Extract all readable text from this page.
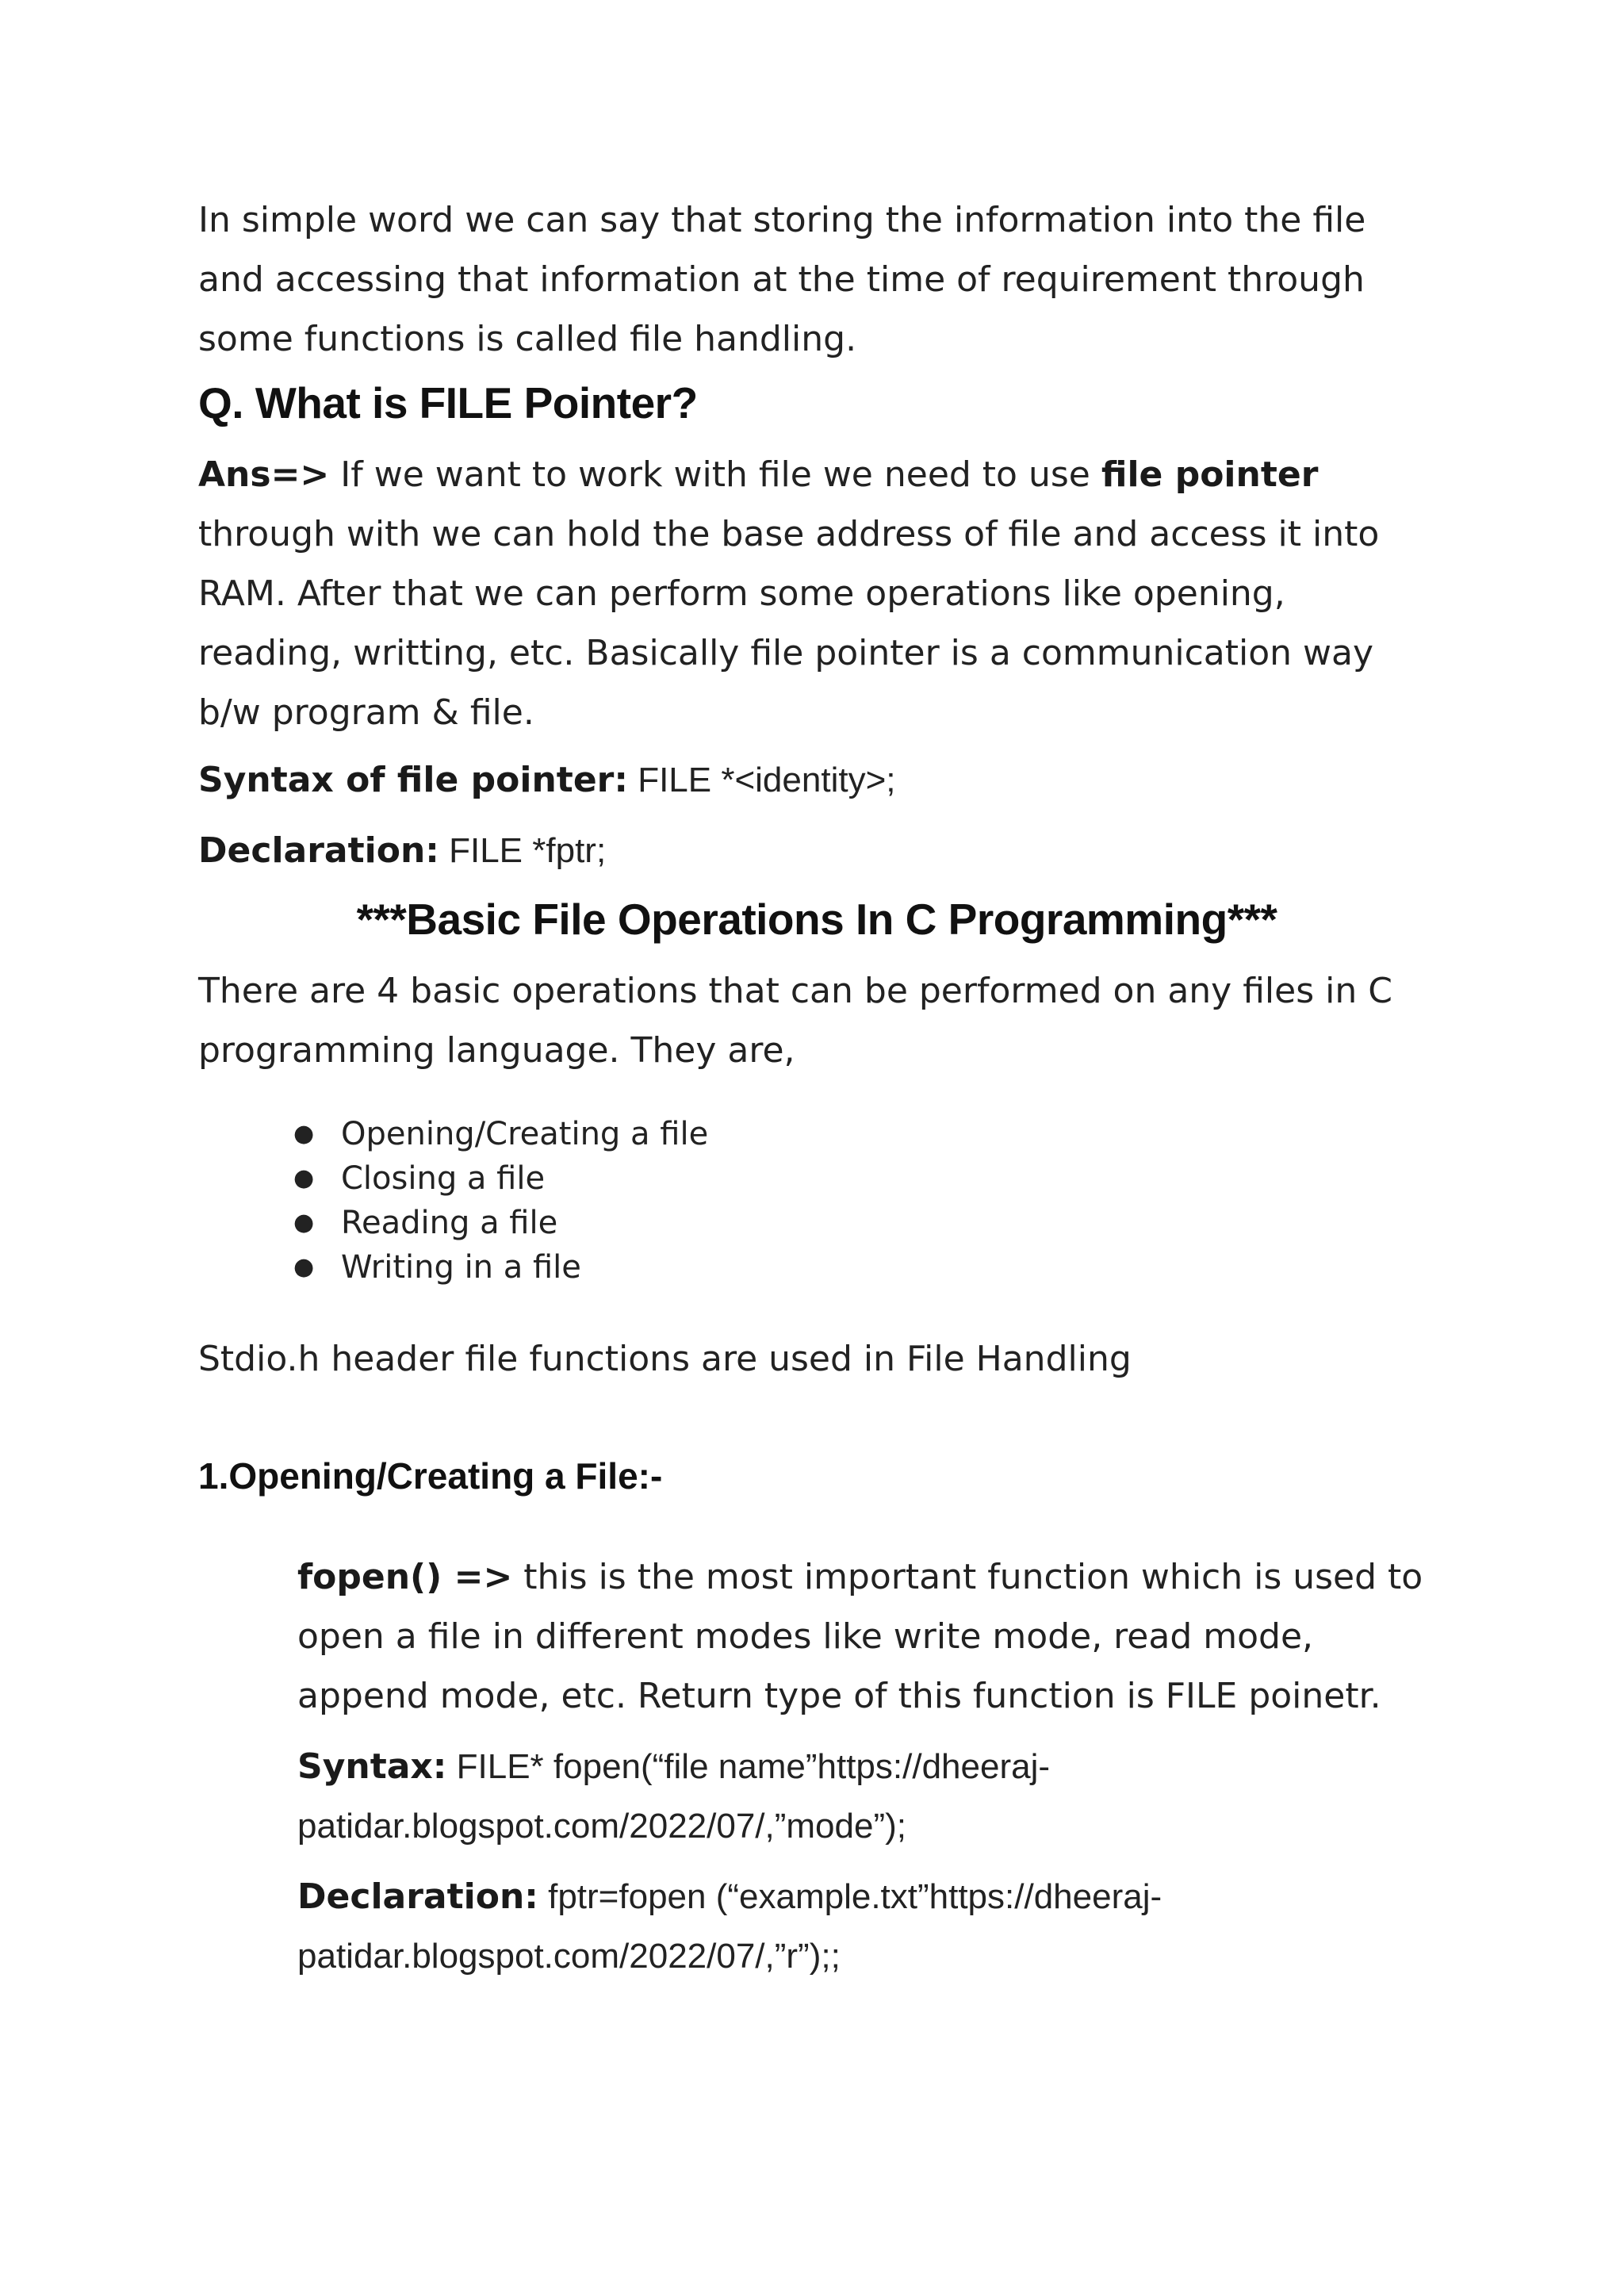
In simple word we can say that storing the information into the file and accessing that information at the time of requirement through some functions is called file handling.

Q. What is FILE Pointer?

Ans=> If we want to work with file we need to use file pointer through with we can hold the base address of file and access it into RAM. After that we can perform some operations like opening, reading, writting, etc. Basically file pointer is a communication way b/w program & file.

Syntax of file pointer: FILE *<identity>;

Declaration: FILE *fptr;

***Basic File Operations In C Programming***

There are 4 basic operations that can be performed on any files in C programming language. They are,

● Opening/Creating a file
● Closing a file
● Reading a file
● Writing in a file

Stdio.h header file functions are used in File Handling

1.Opening/Creating a File:-

fopen() => this is the most important function which is used to open a file in different modes like write mode, read mode, append mode, etc. Return type of this function is FILE poinetr.

Syntax: FILE* fopen(“file name”https://dheeraj-patidar.blogspot.com/2022/07/,”mode”);

Declaration: fptr=fopen (“example.txt”https://dheeraj-patidar.blogspot.com/2022/07/,”r”);;
